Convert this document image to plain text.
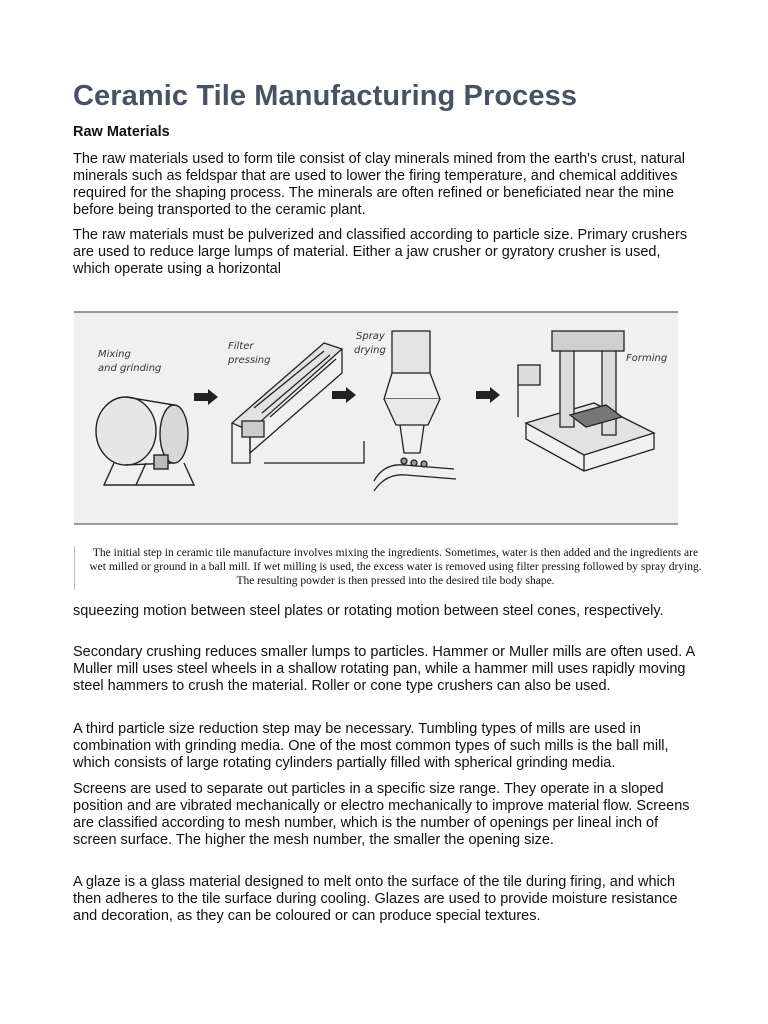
Ceramic Tile Manufacturing Process
Raw Materials

The raw materials used to form tile consist of clay minerals mined from the earth's crust, natural minerals such as feldspar that are used to lower the firing temperature, and chemical additives required for the shaping process. The minerals are often refined or beneficiated near the mine before being transported to the ceramic plant.

The raw materials must be pulverized and classified according to particle size. Primary crushers are used to reduce large lumps of material. Either a jaw crusher or gyratory crusher is used, which operate using a horizontal

Mixing
and grinding
Filter
pressing
Spray
drying
Forming

The initial step in ceramic tile manufacture involves mixing the ingredients. Sometimes, water is then added and the ingredients are wet milled or ground in a ball mill. If wet milling is used, the excess water is removed using filter pressing followed by spray drying. The resulting powder is then pressed into the desired tile body shape.

squeezing motion between steel plates or rotating motion between steel cones, respectively.

Secondary crushing reduces smaller lumps to particles. Hammer or Muller mills are often used. A Muller mill uses steel wheels in a shallow rotating pan, while a hammer mill uses rapidly moving steel hammers to crush the material. Roller or cone type crushers can also be used.

A third particle size reduction step may be necessary. Tumbling types of mills are used in combination with grinding media. One of the most common types of such mills is the ball mill, which consists of large rotating cylinders partially filled with spherical grinding media.

Screens are used to separate out particles in a specific size range. They operate in a sloped position and are vibrated mechanically or electro mechanically to improve material flow. Screens are classified according to mesh number, which is the number of openings per lineal inch of screen surface. The higher the mesh number, the smaller the opening size.

A glaze is a glass material designed to melt onto the surface of the tile during firing, and which then adheres to the tile surface during cooling. Glazes are used to provide moisture resistance and decoration, as they can be coloured or can produce special textures.
